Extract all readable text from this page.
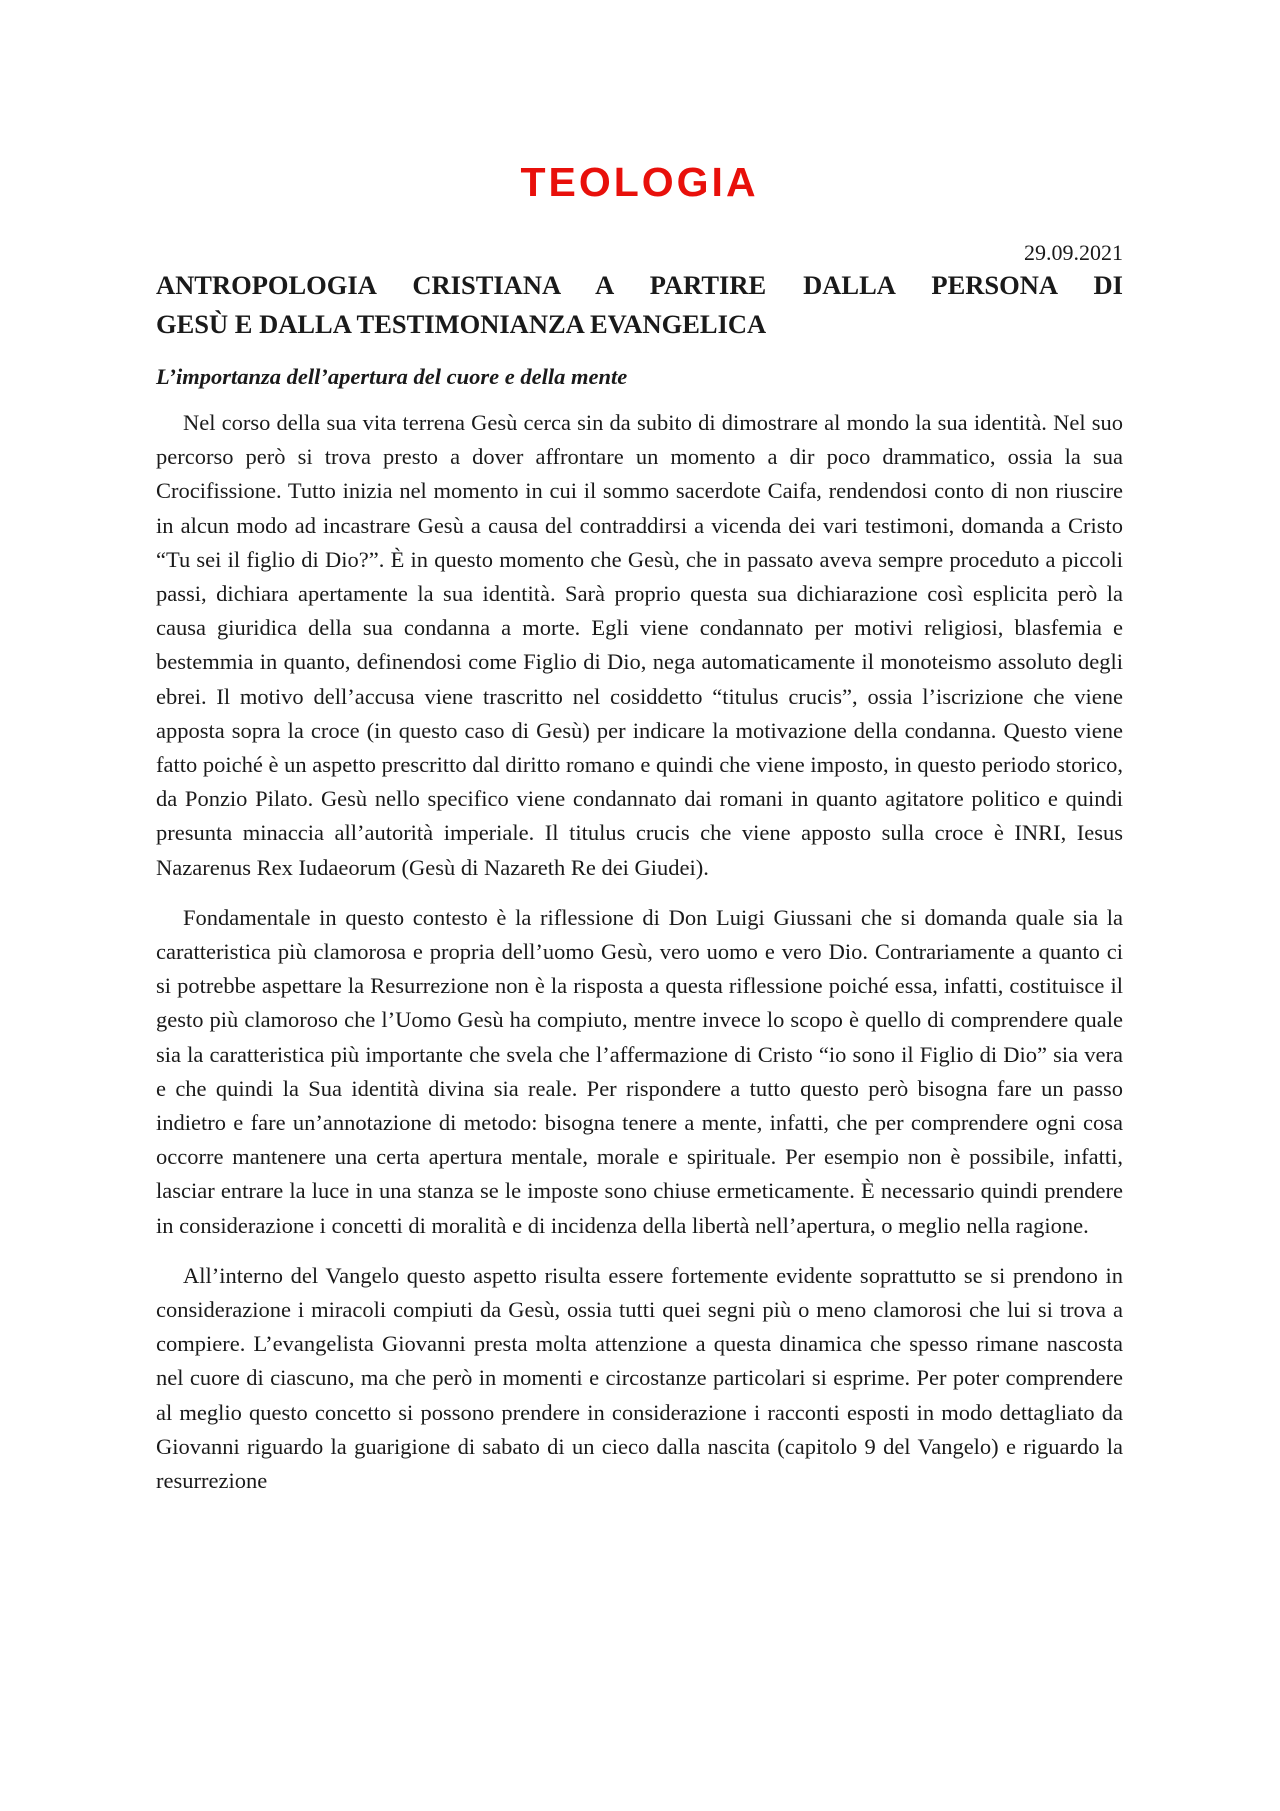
TEOLOGIA
29.09.2021
ANTROPOLOGIA CRISTIANA A PARTIRE DALLA PERSONA DI
GESÙ E DALLA TESTIMONIANZA EVANGELICA
L’importanza dell’apertura del cuore e della mente

Nel corso della sua vita terrena Gesù cerca sin da subito di dimostrare al mondo la sua identità. Nel suo percorso però si trova presto a dover affrontare un momento a dir poco drammatico, ossia la sua Crocifissione. Tutto inizia nel momento in cui il sommo sacerdote Caifa, rendendosi conto di non riuscire in alcun modo ad incastrare Gesù a causa del contraddirsi a vicenda dei vari testimoni, domanda a Cristo “Tu sei il figlio di Dio?”. È in questo momento che Gesù, che in passato aveva sempre proceduto a piccoli passi, dichiara apertamente la sua identità. Sarà proprio questa sua dichiarazione così esplicita però la causa giuridica della sua condanna a morte. Egli viene condannato per motivi religiosi, blasfemia e bestemmia in quanto, definendosi come Figlio di Dio, nega automaticamente il monoteismo assoluto degli ebrei. Il motivo dell’accusa viene trascritto nel cosiddetto “titulus crucis”, ossia l’iscrizione che viene apposta sopra la croce (in questo caso di Gesù) per indicare la motivazione della condanna. Questo viene fatto poiché è un aspetto prescritto dal diritto romano e quindi che viene imposto, in questo periodo storico, da Ponzio Pilato. Gesù nello specifico viene condannato dai romani in quanto agitatore politico e quindi presunta minaccia all’autorità imperiale. Il titulus crucis che viene apposto sulla croce è INRI, Iesus Nazarenus Rex Iudaeorum (Gesù di Nazareth Re dei Giudei).

Fondamentale in questo contesto è la riflessione di Don Luigi Giussani che si domanda quale sia la caratteristica più clamorosa e propria dell’uomo Gesù, vero uomo e vero Dio. Contrariamente a quanto ci si potrebbe aspettare la Resurrezione non è la risposta a questa riflessione poiché essa, infatti, costituisce il gesto più clamoroso che l’Uomo Gesù ha compiuto, mentre invece lo scopo è quello di comprendere quale sia la caratteristica più importante che svela che l’affermazione di Cristo “io sono il Figlio di Dio” sia vera e che quindi la Sua identità divina sia reale. Per rispondere a tutto questo però bisogna fare un passo indietro e fare un’annotazione di metodo: bisogna tenere a mente, infatti, che per comprendere ogni cosa occorre mantenere una certa apertura mentale, morale e spirituale. Per esempio non è possibile, infatti, lasciar entrare la luce in una stanza se le imposte sono chiuse ermeticamente. È necessario quindi prendere in considerazione i concetti di moralità e di incidenza della libertà nell’apertura, o meglio nella ragione.

All’interno del Vangelo questo aspetto risulta essere fortemente evidente soprattutto se si prendono in considerazione i miracoli compiuti da Gesù, ossia tutti quei segni più o meno clamorosi che lui si trova a compiere. L’evangelista Giovanni presta molta attenzione a questa dinamica che spesso rimane nascosta nel cuore di ciascuno, ma che però in momenti e circostanze particolari si esprime. Per poter comprendere al meglio questo concetto si possono prendere in considerazione i racconti esposti in modo dettagliato da Giovanni riguardo la guarigione di sabato di un cieco dalla nascita (capitolo 9 del Vangelo) e riguardo la resurrezione
